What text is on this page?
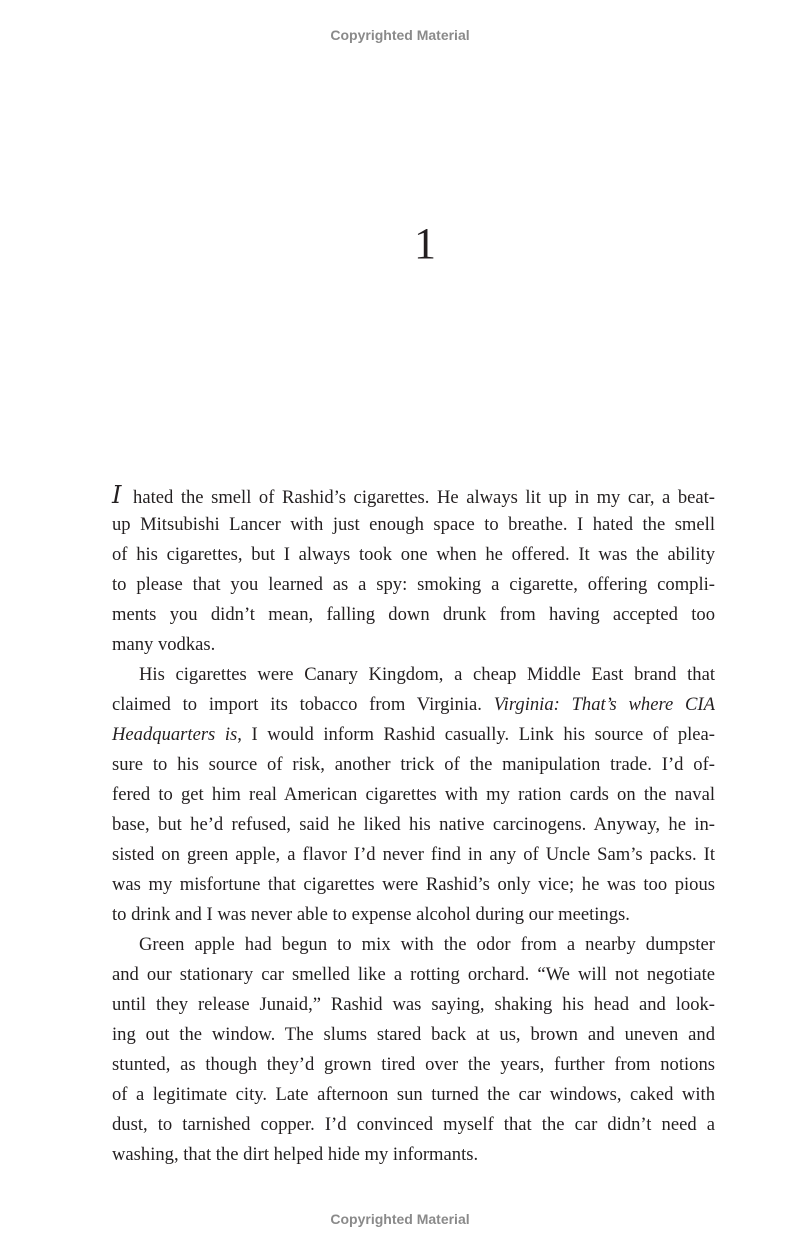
Copyrighted Material
1
I hated the smell of Rashid’s cigarettes. He always lit up in my car, a beat-
up Mitsubishi Lancer with just enough space to breathe. I hated the smell
of his cigarettes, but I always took one when he offered. It was the ability
to please that you learned as a spy: smoking a cigarette, offering compli-
ments you didn’t mean, falling down drunk from having accepted too
many vodkas.
His cigarettes were Canary Kingdom, a cheap Middle East brand that
claimed to import its tobacco from Virginia. Virginia: That’s where CIA
Headquarters is, I would inform Rashid casually. Link his source of plea-
sure to his source of risk, another trick of the manipulation trade. I’d of-
fered to get him real American cigarettes with my ration cards on the naval
base, but he’d refused, said he liked his native carcinogens. Anyway, he in-
sisted on green apple, a flavor I’d never find in any of Uncle Sam’s packs. It
was my misfortune that cigarettes were Rashid’s only vice; he was too pious
to drink and I was never able to expense alcohol during our meetings.
Green apple had begun to mix with the odor from a nearby dumpster
and our stationary car smelled like a rotting orchard. “We will not negotiate
until they release Junaid,” Rashid was saying, shaking his head and look-
ing out the window. The slums stared back at us, brown and uneven and
stunted, as though they’d grown tired over the years, further from notions
of a legitimate city. Late afternoon sun turned the car windows, caked with
dust, to tarnished copper. I’d convinced myself that the car didn’t need a
washing, that the dirt helped hide my informants.
Copyrighted Material
